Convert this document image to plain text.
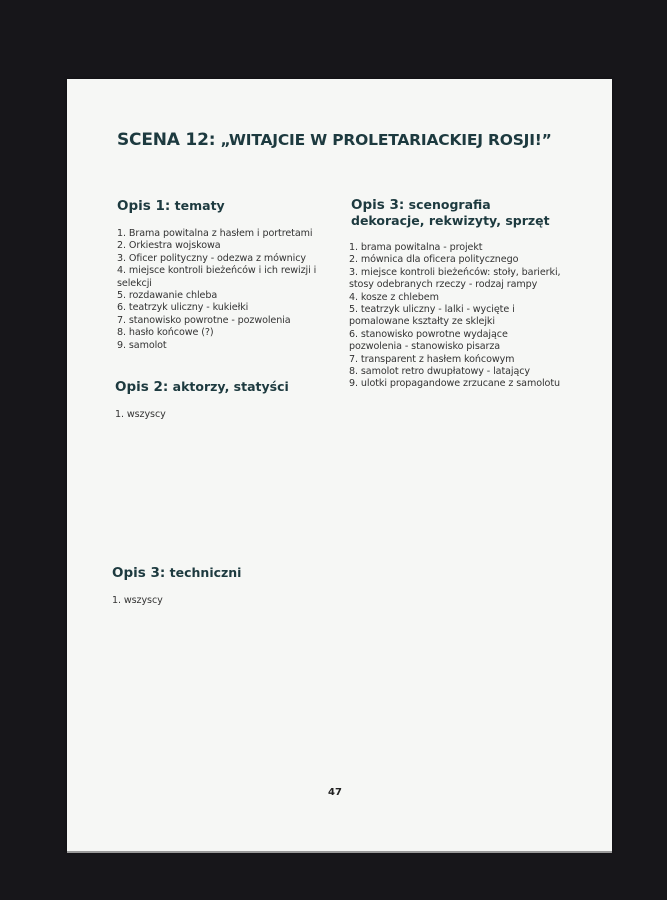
SCENA 12: „WITAJCIE W PROLETARIACKIEJ ROSJI!”
Opis 1: tematy
1. Brama powitalna z hasłem i portretami
2. Orkiestra wojskowa
3. Oficer polityczny - odezwa z mównicy
4. miejsce kontroli bieżeńców i ich rewizji i selekcji
5. rozdawanie chleba
6. teatrzyk uliczny - kukiełki
7. stanowisko powrotne - pozwolenia
8. hasło końcowe (?)
9. samolot
Opis 2: aktorzy, statyści
1. wszyscy
Opis 3: techniczni
1. wszyscy
Opis 3: scenografia
dekoracje, rekwizyty, sprzęt
1. brama powitalna - projekt
2. mównica dla oficera politycznego
3. miejsce kontroli bieżeńców: stoły, barierki, stosy odebranych rzeczy - rodzaj rampy
4. kosze z chlebem
5. teatrzyk uliczny - lalki - wycięte i pomalowane kształty ze sklejki
6. stanowisko powrotne wydające pozwolenia - stanowisko pisarza
7. transparent z hasłem końcowym
8. samolot retro dwupłatowy - latający
9. ulotki propagandowe zrzucane z samolotu
47
